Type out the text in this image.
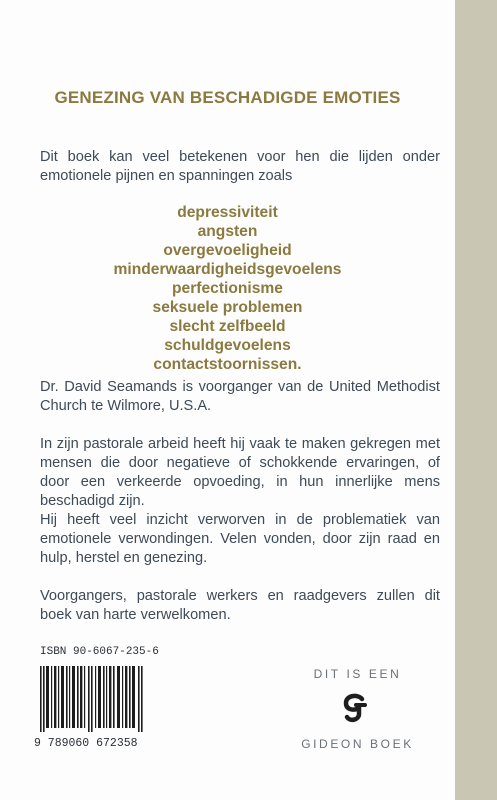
GENEZING VAN BESCHADIGDE EMOTIES
Dit boek kan veel betekenen voor hen die lijden onder emotionele pijnen en spanningen zoals
depressiviteit
angsten
overgevoeligheid
minderwaardigheidsgevoelens
perfectionisme
seksuele problemen
slecht zelfbeeld
schuldgevoelens
contactstoornissen.
Dr. David Seamands is voorganger van de United Methodist Church te Wilmore, U.S.A.
In zijn pastorale arbeid heeft hij vaak te maken gekregen met mensen die door negatieve of schokkende ervaringen, of door een verkeerde opvoeding, in hun innerlijke mens beschadigd zijn.
Hij heeft veel inzicht verworven in de problematiek van emotionele verwondingen. Velen vonden, door zijn raad en hulp, herstel en genezing.
Voorgangers, pastorale werkers en raadgevers zullen dit boek van harte verwelkomen.
ISBN 90-6067-235-6
9 789060 672358
DIT IS EEN
GIDEON BOEK
